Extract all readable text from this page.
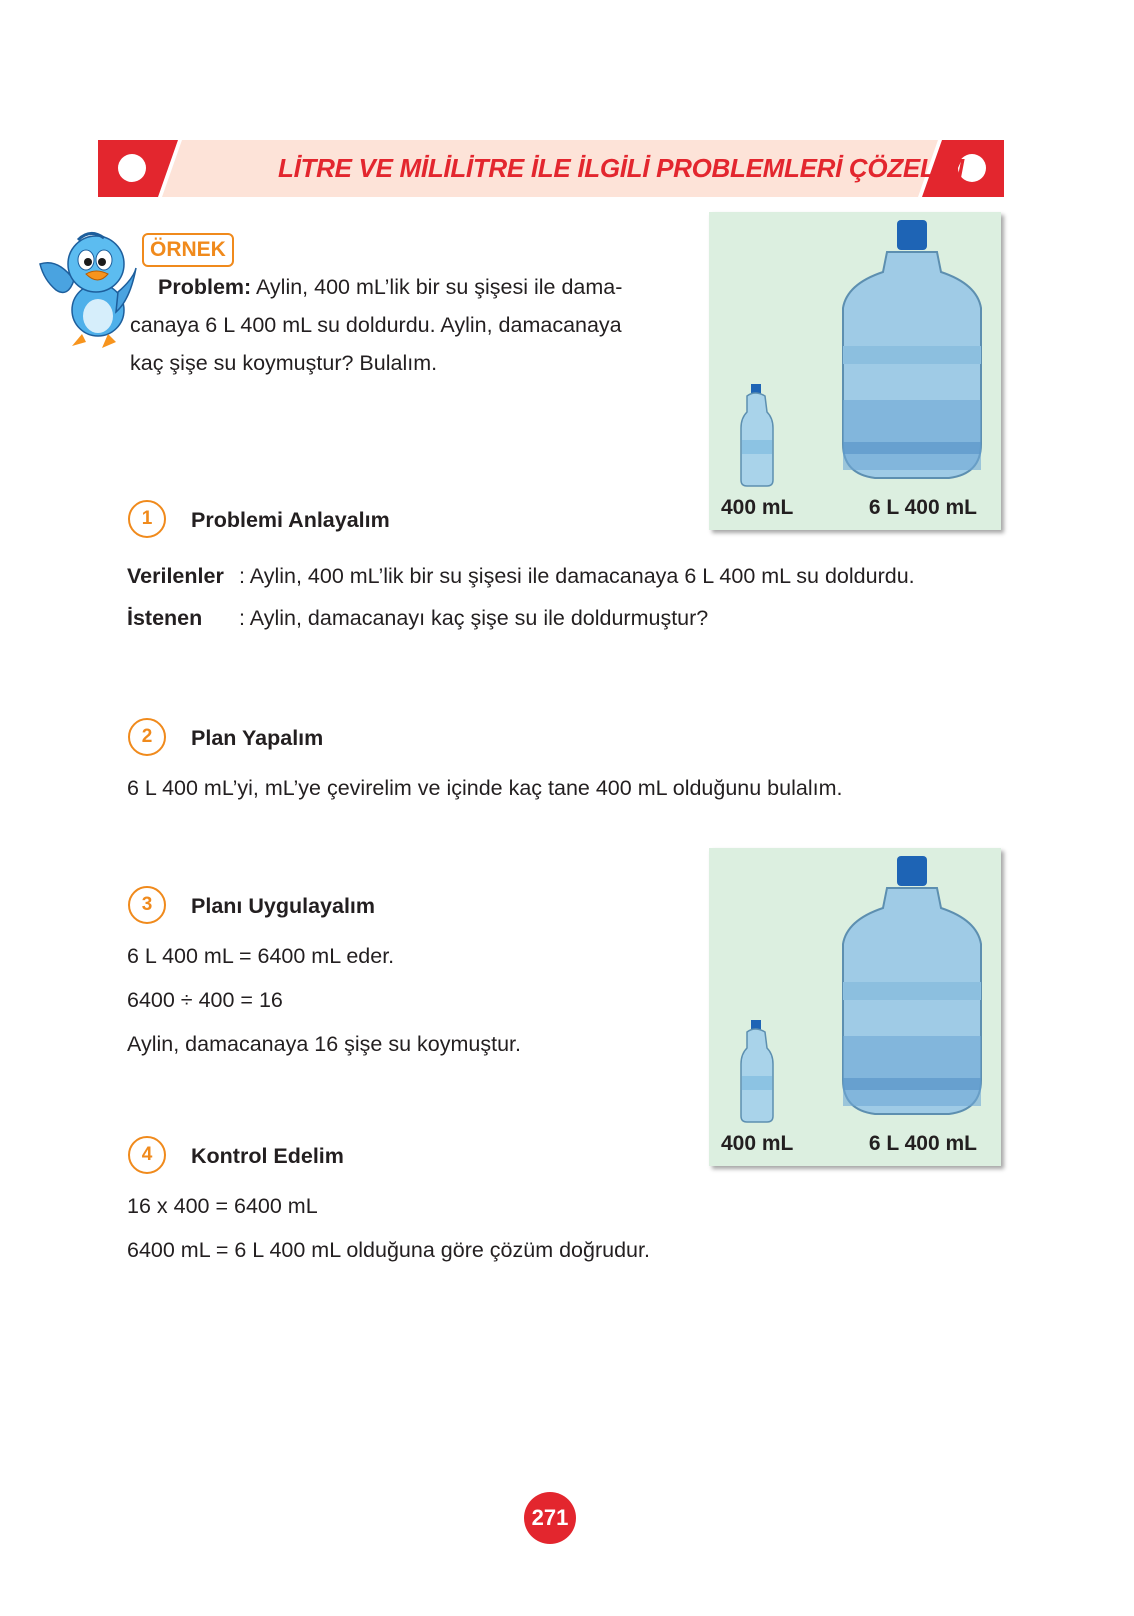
LİTRE VE MİLİLİTRE İLE İLGİLİ PROBLEMLERİ ÇÖZELİM
ÖRNEK
Problem: Aylin, 400 mL’lik bir su şişesi ile dama-
canaya 6 L 400 mL su doldurdu. Aylin, damacanaya
kaç şişe su koymuştur? Bulalım.
400 mL	6 L 400 mL
1	Problemi Anlayalım
Verilenler : Aylin, 400 mL’lik bir su şişesi ile damacanaya 6 L 400 mL su doldurdu.
İstenen : Aylin, damacanayı kaç şişe su ile doldurmuştur?
2	Plan Yapalım
6 L 400 mL’yi, mL’ye çevirelim ve içinde kaç tane 400 mL olduğunu bulalım.
3	Planı Uygulayalım
6 L 400 mL = 6400 mL eder.
6400 ÷ 400 = 16
Aylin, damacanaya 16 şişe su koymuştur.
400 mL	6 L 400 mL
4	Kontrol Edelim
16 x 400 = 6400 mL
6400 mL = 6 L 400 mL olduğuna göre çözüm doğrudur.
271
